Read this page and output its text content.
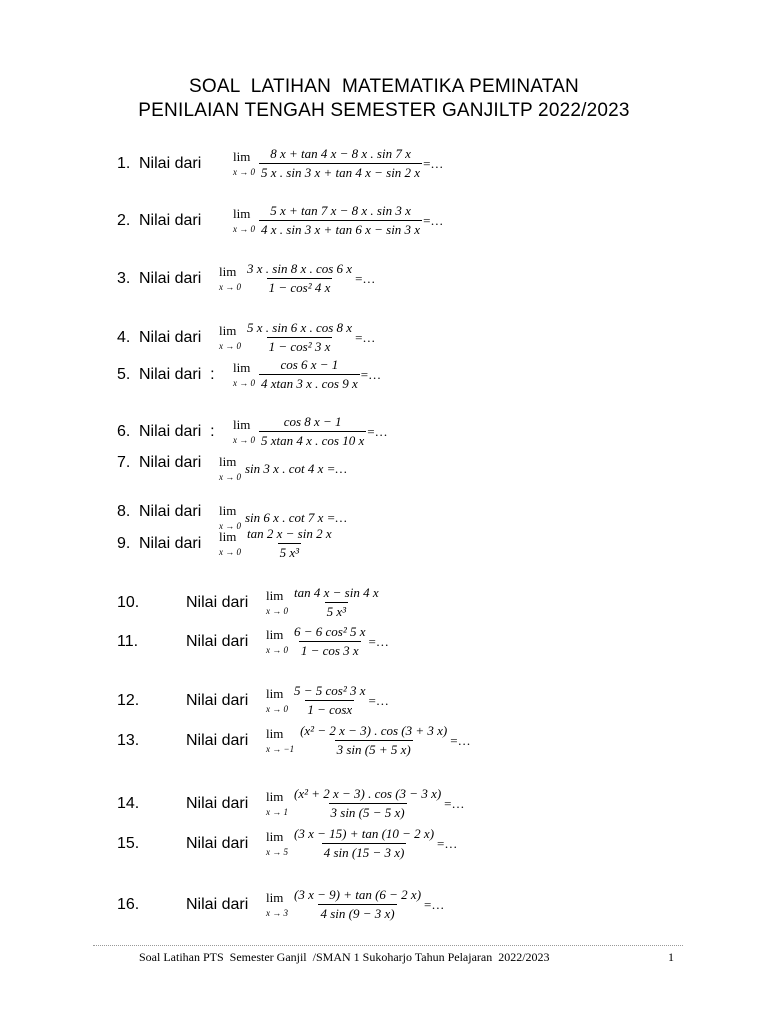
SOAL  LATIHAN  MATEMATIKA PEMINATAN
PENILAIAN TENGAH SEMESTER GANJILTP 2022/2023
1. Nilai dari lim
$x \to 0 \frac{8 x + \tan 4 x - 8 x . \sin 7 x}{5 x . \sin 3 x + \tan 4 x - \sin 2 x}$ =…
2. Nilai dari lim
$x \to 0 \frac{5 x + \tan 7 x - 8 x . \sin 3 x}{4 x . \sin 3 x + \tan 6 x - \sin 3 x}$ =…
3. Nilai dari lim
$x \to 0 \frac{3 x . \sin 8 x . \cos 6 x}{\text{1 − cos² 4 x}}$ =…
4. Nilai dari lim
$x \to 0 \frac{5 x . \sin 6 x . \cos 8 x}{\text{1 − cos² 3 x}}$ =…
5. Nilai dari  : lim
$x \to 0 \frac{\cos 6 x - 1}{4 xtan 3 x . \cos 9 x}$ =…
6. Nilai dari  : lim
$x \to 0 \frac{\cos 8 x - 1}{5 xtan 4 x . \cos 10 x}$ =…
7. Nilai dari lim
x → 0
sin 3 x . cot 4 x =…
8. Nilai dari lim
x → 0
sin 6 x . cot 7 x =…
9. Nilai dari lim
$x \to 0 \frac{\tan 2 x - \sin 2 x}{\text{5 x³}}$
10.	Nilai dari lim
$x \to 0 \frac{\tan 4 x - \sin 4 x}{\text{5 x³}}$
11.	Nilai dari lim
$x \to 0 \frac{\text{6 − 6 cos² 5 x}}{1 - \cos 3 x}$ =…
12.	Nilai dari lim
$x \to 0 \frac{\text{5 − 5 cos² 3 x}}{1 - \cos x}$ =…
13.	Nilai dari lim
$x \to -1 \frac{\text{(x² − 2 x − 3) . cos (3 + 3 x)}}{3 \sin (5 + 5 x)}$ =…
14.	Nilai dari lim
$x \to 1 \frac{\text{(x² + 2 x − 3) . cos (3 − 3 x)}}{3 \sin (5 - 5 x)}$ =…
15.	Nilai dari lim
$x \to 5 \frac{(3 x - 15) + \tan (10 - 2 x)}{4 \sin (15 - 3 x)}$ =…
16.	Nilai dari lim
$x \to 3 \frac{(3 x - 9) + \tan (6 - 2 x)}{4 \sin (9 - 3 x)}$ =…
Soal Latihan PTS  Semester Ganjil  /SMAN 1 Sukoharjo Tahun Pelajaran  2022/2023	1
